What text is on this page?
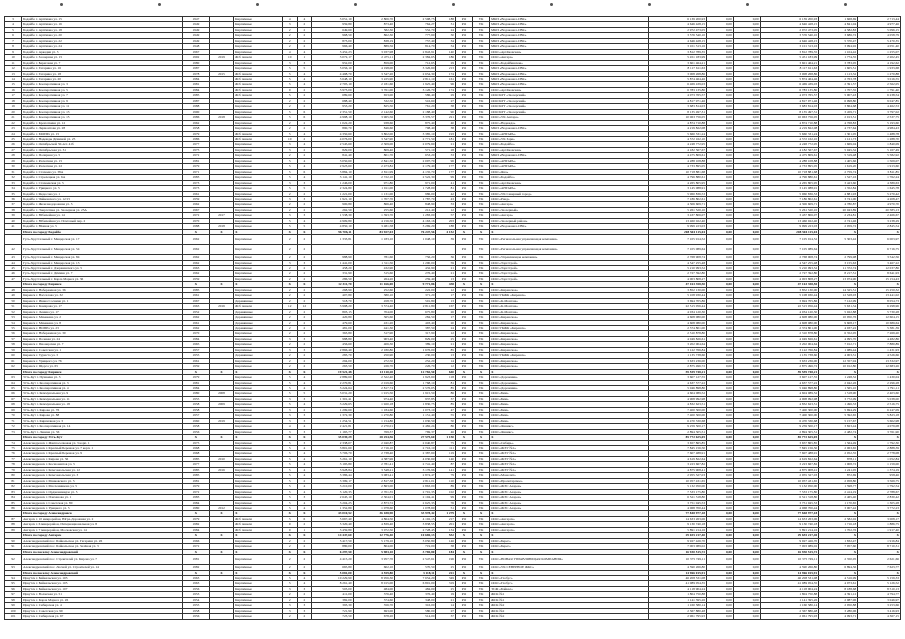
3	Бодайбо г. Артёмова ул. 15	1947		Кирпичные	4	4	3 051,10	2 806,70	2 598,75	188	РО	УК	МКП «Водоканал-СВК»	6 139 200,93	0,00	0,00	6 139 200,93	1 668,69	2 713,44
4	Бодайбо г. Артёмова ул. 16	1949		Кирпичные	3	2	959,80	873,40	764,27	31	РО	УК	МКП «Водоканал-СВК»	4 646 428,15	0,00	0,00	4 646 428,15	4 841,04	4 977,46
5	Бодайбо г. Артёмова ул. 18	1949		Кирпичные	2	2	649,60	582,30	552,70	24	РО	УК	МКП «Водоканал-СВК»	2 972 473,05	0,00	0,00	2 972 473,05	4 582,83	5 096,15
6	Бодайбо г. Артёмова ул. 20	1949		Кирпичные	2	2	968,50	862,30	777,60	30	РО	УК	МКП «Водоканал-СВК»	3 576 540,10	0,00	0,00	3 576 540,10	3 686,72	4 058,79
7	Бодайбо г. Артёмова ул. 22	1949		Кирпичные	2	2	873,00	838,19	757,40	34	РО	УК	МКП «Водоканал-СВК»	4 646 428,15	0,00	0,00	4 646 428,15	5 370,47	5 470,35
8	Бодайбо г. Артёмова ул. 24	1948		Кирпичные	2	2	966,40	889,56	814,70	34	РО	УК	МКП «Водоканал-СВК»	3 101 313,16	0,00	0,00	3 101 313,16	3 994,92	4 051,40
9	Бодайбо г. Аркадия ул. 3	1967		Кирпичные	4	4	3 452,23	3 037,98	2 843,91	140	РО	УК	ООО «Артёмовская»	3 812 789,35	0,00	0,00	3 812 789,35	1 104,42	1 255,07
10	Бодайбо г. Заозерная ул. 15	1992	2019	Ж/б панели	10	1	3 072,17	2 475,11	2 384,65	186	РО	УК	ООО «Ангара»	5 451 183,99	0,00	0,00	5 451 183,99	1 774,35	2 202,45
11	Бодайбо г. Береговая ул. 7	1980		Кирпичные	3	3	952,00	859,00	712,65	29	РО	УК	ООО «Бодайбинская»	3 601 464,21	0,00	0,00	3 601 464,21	3 783,05	4 192,62
12	Бодайбо г. Гагарина ул. 16	1987		Кирпичные	5	5	5 056,10	4 198,00	3 326,60	213	РО	УК	МКП «Водоканал-СВК»	8 117 611,63	0,00	0,00	8 117 611,63	1 605,51	1 933,68
13	Бодайбо г. Гагарина ул. 18	1978	2015	Ж/б панели	5	4	4 498,70	3 547,20	2 654,30	174	РО	УК	МКП «Водоканал-СВК»	3 008 268,86	0,00	0,00	3 008 268,86	1 113,32	1 270,88
14	Бодайбо г. Гагарина ул. 20	1984		Ж/б панели	5	4	3 648,10	3 225,90	2 811,10	161	РО	УК	МКП «Водоканал-СВК»	5 874 464,46	0,00	0,00	5 874 464,46	2 763,78	3 016,55
15	Бодайбо г. Кооперативная ул. 3	1981		Ж/б панели	5	4	2 705,10	2 181,60	1 925,40	96	РО	УК	МКП «Водоканал-СВК»	6 469 439,03	0,00	0,00	6 469 439,03	2 391,57	2 562,05
16	Бодайбо г. Кооперативная ул. 5	1984		Ж/б панели	9	2	3 973,00	3 761,00	3 126,70	174	РО	УК	ООО «Артёмовская»	6 783 135,80	0,00	0,00	6 783 135,80	1 707,35	1 791,40
17	Бодайбо г. Кооперативная ул. 7	1985		Ж/б панели	5	2	689,60	653,00	586,40	29	РО	УК	ООО КРТ «Заозерский»	4 073 765,57	0,00	0,00	4 073 765,57	5 907,43	6 238,54
18	Бодайбо г. Кооперативная ул. 9	1987		Кирпичные	2	2	688,40	532,50	516,60	27	РО	УК	ООО КРТ «Заозерский»	4 817 971,46	0,00	0,00	4 817 971,46	6 998,80	9 047,85
19	Бодайбо г. Кооперативная ул. 11	1988		Кирпичные	2	2	953,20	825,50	761,20	38	РО	УК	ООО КРТ «Заозерский»	3 683 814,03	0,00	0,00	3 683 814,03	3 864,68	4 462,53
20	Бодайбо г. Кооперативная ул. 13	1990		Кирпичные	5	6	2 351,50	2 142,60	2 188,40	90	РО	УК	ООО КРТ «Заозерский»	8 135 497,31	0,00	0,00	8 135 497,31	3 459,71	3 797,02
21	Бодайбо г. Кооперативная ул. 15	1986	2018	Кирпичные	5	6	4 998,10	3 965,56	3 376,57	221	РО	УК	ООО «УК Ангара»	10 063 756,05	0,00	0,00	10 063 756,05	2 013,51	2 537,75
22	Бодайбо г. Кропоткина ул. 12	1962		Кирпичные	2	2	1 022,20	938,60	875,40	40	РО	УК	ООО «Надежда»	4 874 710,88	0,00	0,00	4 874 710,88	4 768,83	5 193,60
23	Бодайбо г. Лермонтова ул. 28	1958		Кирпичные	2	2	890,70	846,60	798,40	38	РО	УК	МКП «Водоканал-СВК»	4 219 822,08	0,00	0,00	4 219 822,08	4 737,64	4 984,43
24	Бодайбо г. МОПРа ул. 15	1979		Ж/б панели	5	4	4 350,60	3 802,00	3 385,10	193	РО	УК	ООО «АНГАРА»	5 660 331,24	0,00	0,00	5 660 331,24	1 301,05	1 488,78
25	Бодайбо г. Надежды Дёминой ул. 25	1986		Ж/б панели	10	2	4 076,00	3 547,90	2 771,50	181	РО	УК	ООО «УК Заря»	4 572 162,10	0,00	0,00	4 572 162,10	1 121,73	1 288,70
26	Бодайбо г. Октябрьской 50-лет. 41б	1977		Кирпичные	3	4	2 545,60	2 309,00	2 079,60	21	РО	УК	ООО «Бодайбо»	4 248 772,95	0,00	0,00	4 248 772,95	1 669,04	1 840,09
27	Бодайбо г. Октябрьская ул. 31	1975		Кирпичные	3	2	829,00	809,40	571,10	28	РО	УК	ООО «Артёмовская»	4 182 567,67	0,00	0,00	4 182 567,67	5 045,32	5 167,49
28	Бодайбо г. Полярная ул. 5	1972		Кирпичные	2	2	841,40	801,70	653,20	33	РО	УК	МКП «Водоканал-СВК»	4 475 809,61	0,00	0,00	4 475 809,61	5 319,48	5 582,92
29	Бодайбо г. Раскатная ул. 15	1981		Кирпичные	5	4	3 050,60	2 841,50	2 097,70	96	РО	УК	ООО «АНГАРА»	4 288 108,88	0,00	0,00	4 288 108,88	1 405,66	1 509,07
30	Бодайбо г. Раскатная ул. 22	1979		Кирпичные	5	4	2 923,60	2 473,82	2 179,40	177	РО	УК	ООО «АНГАРА»	4 733 895,05	0,00	0,00	4 733 895,05	1 619,20	1 913,60
31	Бодайбо г. Стахеева ул. 38А	1971		Кирпичные	5	6	3 884,10	2 811,99	4 135,70	177	РО	УК	ООО «Яна»	10 718 881,68	0,00	0,00	10 718 881,68	2 759,74	3 811,85
32	Бодайбо г. Стрелецкая ул. 6А	1983		Кирпичные	5	4	3 141,10	2 722,10	2 522,30	99	РО	УК	ООО «Бодайбо»	4 796 880,61	0,00	0,00	4 796 880,61	1 527,16	1 762,24
33	Бодайбо г. Стахеевская ул. 5	1973		Кирпичные	3	3	1 246,00	971,80	971,00	41	РО	УК	ООО «Артёмовская»	4 265 805,95	0,00	0,00	4 265 805,95	3 423,60	4 389,63
34	Бодайбо г. Урицкого ул. 5	1973		Кирпичные	5	5	2 324,80	1 911,00	1 728,00	81	РО	УК	ООО «АНГАРА»	3 145 088,91	0,00	0,00	3 145 088,91	1 352,84	1 645,78
35	Бодайбо г. Федосова ул. 1	1961		Кирпичные	2	2	1 221,00	1 131,00	986,00	42	РО	УК	ООО «УК Северный город»	5 960 836,53	0,00	0,00	5 960 836,53	4 881,93	5 270,42
36	Бодайбо г. Чайковского ул. 12/15	1959		Кирпичные	3	3	1 921,10	1 707,70	1 787,70	43	РО	УК	ООО «Ранд»	7 186 802,61	0,00	0,00	7 186 802,61	3 741,00	4 208,47
37	Бодайбо г. Железнодорожная ул. 3	1962		Кирпичные	2	2	900,80	866,40	848,90	33	РО	УК	ООО «Ангара»	4 306 609,71	0,00	0,00	4 306 609,71	4 780,87	4 970,70
38	Бодайбо г. Энергетика ул. Заозерная ул. 25А	1967		Кирпичные	2	2	262,50	255,60	212,40	12	РО	УК	ООО «Заозерный»	5 261 520,10	0,00	0,00	5 261 520,10	20 043,89	20 585,13
39	Бодайбо г. Юбилейная ул. 14	1972	2017	Кирпичные	3	3	1 538,30	1 393,70	1 283,00	57	РО	УК	ООО «Ангара»	3 437 806,07	0,00	0,00	3 437 806,07	2 234,81	2 466,67
40	Бодайбо г. Юбилейная ул. Почтовый пер. 2	1970		Кирпичные	5	4	4 909,80	4 156,50	4 163,16	203	РО	УК	ООО «Заозерный район»	13 460 022,40	0,00	0,00	13 460 022,40	2 741,46	3 238,29
41	Бодайбо г. Южная ул. 5	1988	2018	Кирпичные	5	5	4 850,10	3 481,58	3 269,29	188	РО	УК	МКП «Водоканал-СВК»	9 999 223,03	0,00	0,00	9 999 223,03	2 059,72	2 845,54
	Итого по городу Бодайбо	X	X	X	X	X	96 706,11	83 927,03	76 247,56	4 152	X	X	X	208 504 115,04	0,00	0,00	208 504 115,04	X	X
	Гусь-Хрустальный г. Мещерская ул. 17	1962		Кирпичные	2	2	1 333,81	1 183,10	1 048,10	39	РО	УК	ООО «Региональная управляющая компания»	7 105 914,52	0,00	0,00	7 105 914,52	5 303,42	6 003,97
42	Гусь-Хрустальный г. Мещерская ул. 54	1962		Кирпичные	2	2					РО	УК	ООО «Региональная управляющая компания»	7 105 089,64	0,00	0,00	7 105 089,64		6 716,75
43	Гусь-Хрустальный г. Мещерская ул. 84	1962		Кирпичные	2	2	988,90	781,60	756,20	36	РО	УК	ООО «Управляющая компания»	2 768 908,74	0,00	0,00	2 768 908,74	2 799,98	3 542,56
44	Гусь-Хрустальный г. Мещерская ул. 13	1962		Кирпичные	3	3	1 441,00	1 311,50	1 290,00	59	РО	УК	ООО «Торгстрой»	4 547 255,48	0,00	0,00	4 547 255,48	3 155,63	3 467,22
45	Гусь-Хрустальный г. Дзержинского ул. 5	1963		Кирпичные	2	2	458,20	432,90	432,90	21	РО	УК	ООО «Торгстрой»	5 210 993,52	0,00	0,00	5 210 993,52	11 372,74	12 037,86
46	Гусь-Хрустальный г. Дёмина ул. 7	1962		Кирпичные	2	2	331,90	315,60	276,40	21	РО	УК	ООО «Торгстрой»	2 727 392,80	0,00	0,00	2 727 392,80	8 217,51	8 641,93
47	Гусь-Хрустальный г. Карла Маркса ул. 36	1959		Кирпичные	2	2	286,50	264,20	259,40	13	РО	УК	ООО «Торгстрой»	4 003 808,27	0,00	0,00	4 003 808,27	13 974,90	15 154,43
	Итого по городу Киренск	X	X	X	X	X	12 311,70	11 166,00	9 771,86	438	X	X	X	47 163 358,50	0,00	0,00	47 163 358,50	X	X
48	Киренск г. Набережная ул. 36	1985		Кирпичные	2	2	268,90	252,60	222,00	12	РО	УК	ООО «Киренское»	3 852 130,00	0,00	0,00	3 852 130,00	14 325,51	15 250,32
49	Киренск г. Вассалова ул. 32	1961		Кирпичные	2	2	407,80	380,10	371,20	17	РО	УК	ООО УКЖК «Киренск»	5 108 930,44	0,00	0,00	5 108 930,44	12 528,03	13 441,02
50	Киренск г. Ивана Соснина ул. 1	1967		Деревянные	2	2	518,70	458,70	501,80	13	РО	УК	ООО «К-Монтаж»	3 694 705,86	0,00	0,00	3 694 705,86	7 122,99	8 054,73
51	Киренск г. Комарова ул. 17	1963	2016	Ж/б панели	12	12	3 998,20	3 574,40	2 811,80	167	РО	УК	ООО «К-Монтаж»	22 515 056,44	0,00	0,00	22 515 056,44	5 631,34	6 298,96
52	Киренск г. Ленина ул. 17	1952		Деревянные	2	2	803,15	704,00	675,80	26	РО	УК	ООО «К-Монтаж»	4 034 120,30	0,00	0,00	4 034 120,30	5 022,88	5 730,28
53	Киренск г. Мамакана ул. 2	1962		Деревянные	2	2	420,80	365,60	284,50	17	РО	УК	ООО «Киренское»	4 608 080,00	0,00	0,00	4 608 080,00	10 950,76	12 604,15
54	Киренск г. Мамакана ул. 8	1961		Деревянные	2	2	479,60	431,20	403,40	20	РО	УК	ООО «Киренское»	4 608 080,00	0,00	0,00	4 608 080,00	9 608,17	10 686,64
55	Киренск г. НОПРа ул. 23	1962		Деревянные	2	2	481,00	441,30	387,50	24	РО	УК	ООО УКЖК «Киренск»	2 374 801,00	0,00	0,00	2 374 801,00	4 937,22	5 381,39
56	Киренск г. Набережная ул. 30	1970		Кирпичные	2	2	363,80	317,90	317,90	12	РО	УК	ООО «Киренское»	2 310 878,80	0,00	0,00	2 310 878,80	6 352,05	7 269,20
57	Киренск г. Полевая ул. 24	1984		Кирпичные	3	3	988,80	903,40	829,00	25	РО	УК	ООО «Киренское»	4 049 826,61	0,00	0,00	4 049 826,61	4 095,70	4 482,86
58	Киренск г. Пионерская ул. 7	1965		Кирпичные	2	2	456,60	406,30	389,10	21	РО	УК	ООО «Киренское»	3 202 004,64	0,00	0,00	3 202 004,64	7 012,71	7 880,89
59	Киренск г. Советская ул. 1	1957		Кирпичные	3	3	2 866,40	2 180,80	1 676,00	85	РО	УК	ООО «Киренское»	3 122 766,84	0,00	0,00	3 122 766,84	1 089,44	1 431,93
60	Киренск г. Туриста ул. 3	1955		Деревянные	2	2	283,70	250,90	230,00	13	РО	УК	ООО УКЖК «Киренск»	1 135 738,60	0,00	0,00	1 135 738,60	4 003,31	4 526,66
61	Киренск г. Урицкого ул. 76	1961		Кирпичные	2	2	294,00	272,50	252,20	14	РО	УК	ООО «Киренское»	3 633 236,00	0,00	0,00	3 633 236,00	12 357,94	13 332,97
62	Киренск г. Щорса ул. 65	1959		Кирпичные	2	2	263,50	226,70	226,70	12	РО	УК	ООО «Киренское»	2 875 496,72	0,00	0,00	2 875 496,72	10 912,80	12 683,26
	Итого по городу Киренск	X	X	X	X	X	19 521,48	13 110,20	12 782,50	640	X	X	X	59 559 748,21	0,00	0,00	59 559 748,21	X	X
63	Усть-Кут г. Пушкина ул. 3	1979		Кирпичные	5	4	2 889,60	2 522,40	1 923,60	118	РО	УК	ООО «Дорожник»	3 607 127,55	0,00	0,00	3 607 127,55	1 248,32	1 430,04
64	Усть-Кут г. Кооперативная ул. 3	1981		Кирпичные	5	4	2 270,81	2 019,60	1 768,10	81	РО	УК	ООО «Дорожник»	4 637 577,22	0,00	0,00	4 637 577,22	2 042,26	2 296,28
65	Усть-Кут г. Кооперативная ул. 4	1984		Кирпичные	5	4	3 224,64	2 817,74	2 576,05	85	РО	УК	ООО «Дорожник»	5 046 898,80	0,00	0,00	5 046 898,80	1 565,10	1 791,11
66	Усть-Кут г. Коммунальная ул. 9	1980	2008	Кирпичные	5	5	3 031,20	1 915,50	1 915,50	86	РО	УК	ООО «Бим»	4 604 089,52	0,00	0,00	4 604 089,52	1 518,90	2 403,60
67	Усть-Кут г. Коммунальная ул. 11	1955		Кирпичные	3	3	1 301,41	974,40	937,85	37	РО	УК	ООО «Бим»	4 908 992,98	0,00	0,00	4 908 992,98	3 772,09	5 038,00
68	Усть-Кут г. Коммунальная ул. 18	1958	2009	Кирпичные	5	4	3 229,65	1 920,18	1 830,73	85	РО	УК	ООО «Бим»	4 832 623,51	0,00	0,00	4 832 623,51	1 496,33	2 516,75
69	Усть-Кут г. Кирова ул. 76	1958		Кирпичные	3	2	1 299,60	1 184,60	1 073,10	47	РО	УК	ООО «Бим»	7 400 300,00	0,00	0,00	7 400 300,00	5 694,29	6 247,09
70	Усть-Кут г. Кирова ул. 88	1957		Кирпичные	3	3	1 372,30	1 270,80	1 151,40	55	РО	УК	ООО «Бим»	7 400 300,00	0,00	0,00	7 400 300,00	5 392,65	5 823,18
71	Усть-Кут г. Кирпичная ул. 3	1960	2019	Кирпичные	3	3	1 254,51	1 154,80	1 030,50	50	РО	УК	ООО «Бим»	6 470 330,68	0,00	0,00	6 470 330,68	5 157,67	5 602,98
72	Усть-Кут г. Кооперативная ул. 14	1958		Кирпичные	4	4	2 421,81	2 270,01	2 482,24	86	РО	УК	ООО «Феникс»	9 259 500,17	0,00	0,00	9 259 500,17	3 823,44	4 079,08
73	Усть-Кут г. Ленина ул. 56	1956		Кирпичные	3	3	1 165,77	769,37	769,37	46	РО	УК	ООО «Феникс»	2 894 305,51	0,00	0,00	2 894 305,51	2 482,74	3 761,90
	Итого по городу Усть-Кут	X	X	X	X	X	35 039,29	28 254,56	27 575,60	1 150	X	X	X	85 772 625,05	0,00	0,00	85 772 625,05	X	X
74	Александровск г. Жилпоселковая ул. 3 корп. 1	1975		Кирпичные	5	3	2 338,07	2 040,87	2 040,87	75	РО	УК	ООО «Сибирь»	3 657 865,85	0,00	0,00	3 657 865,85	1 564,49	1 792,30
75	Александровск г. Красный Бережок ул. 7 корп. 1	1968		Кирпичные	5	4	3 801,60	2 716,10	2 716,10	111	РО	УК	ООО «ЖЭУ №1»	7 845 156,50	0,00	0,00	7 845 156,50	2 063,65	2 888,39
76	Александровск г. Красный Бережок ул. 9	1968		Кирпичные	5	4	3 706,70	2 738,40	2 387,60	119	РО	УК	ООО «ЖЭУ №1»	7 607 488,91	0,00	0,00	7 607 488,91	2 052,35	2 778,08
77	Александровск г. Кирова ул. 56	1985	2010	Кирпичные	5	4	5 261,10	4 387,96	4 030,60	140	РО	УК	ООО «ЖЭУ №1»	4 619 822,64	0,00	0,00	4 619 822,64	878,11	1 052,84
78	Александровск г. Космонавтов ул. 5	1977		Кирпичные	5	4	3 195,80	2 781,41	2 741,40	87	РО	УК	ООО «ЖЭУ №1»	3 223 667,82	0,00	0,00	3 223 667,82	1 008,72	1 159,00
79	Александровск г. Комсомольская ул. 12	1985	2016	Кирпичные	5	4	3 928,84	3 548,21	3 176,96	141	РО	УК	ООО «ЖЭУ №1»	4 875 908,41	0,00	0,00	4 875 908,41	1 241,05	1 374,19
80	Александровск г. Комсомольская ул. 3	1985		Кирпичные	5	4	3 386,44	3 083,41	2 874,47	79	РО	УК	ООО «Монолит»	2 955 327,03	0,00	0,00	2 955 327,03	872,69	958,46
81	Александровск г. Маяковского ул. 5	1981		Кирпичные	5	2	3 399,17	2 817,38	2 811,01	110	РО	УК	ООО «Пролетарское»	10 057 431,65	0,00	0,00	10 057 431,65	2 958,80	3 569,75
82	Александровск г. Масленникова ул. 5	1979		Кирпичные	5	4	3 210,00	2 863,00	2 863,00	89	РО	УК	ООО «ЖЭС Азаров»	5 132 050,00	0,00	0,00	5 132 050,00	1 598,77	1 792,54
83	Александровск г. Орджоникидзе ул. 5	1972		Кирпичные	5	4	3 120,35	2 701,35	2 701,35	102	РО	УК	ООО «ЖЭС Азаров»	7 533 175,80	0,00	0,00	7 533 175,80	2 414,19	2 788,67
84	Александровск г. Плеханова ул. 1	1983		Кирпичные	5	3	2 645,10	2 304,01	2 104,41	99	РО	УК	ООО «ЖЭС Азаров»	6 521 318,80	0,00	0,00	6 521 318,80	2 465,40	2 830,42
85	Александровск г. Советская ул. 80	1984		Кирпичные	5	4	3 204,25	2 873,72	2 625,33	76	РО	УК	ООО «ЖЭС Азаров»	3 751 045,53	0,00	0,00	3 751 045,53	1 170,65	1 305,28
86	Александровск г. Урицкого ул. 5	1980	2012	Кирпичные	5	4	1 352,89	1 078,60	1 078,60	51	РО	УК	ООО «ЖЭС Азаров»	4 068 700,44	0,00	0,00	4 068 700,44	3 007,42	3 772,23
	Итого по городу Александровск	X	X	X	X	X	43 010,52	36 188,90	33 978,42	1 279	X	X	X	77 848 977,18	0,00	0,00	77 848 977,18	X	X
87	Ангарск г. 10 микрорайон, Югра-Дорожная ул. 2	1979		Ж/б панели	5	6	5 667,40	4 864,50	4 102,15	217	РО	УК	ООО «Ангарск»	14 633 263,06	0,00	0,00	14 633 263,06	2 582,02	3 008,17
88	Ангарск г. 6 микрорайон, Интернациональная ул. 8	1982		Ж/б панели	9	2	5 320,40	4 839,40	3 838,55	201	РО	УК	ООО «Ангарск»	9 130 740,18	0,00	0,00	9 130 740,18	1 716,18	1 886,75
89	Ангарск г. 7 микрорайон, Московская ул. 14	1984		Ж/б панели	9	1	3 459,80	3 072,50	2 728,43	134	РО	УК	ООО «Ангарск»	5 891 214,16	0,00	0,00	5 891 214,16	1 702,76	1 917,40
	Итого по городу Ангарск	X	X	X	X	X	14 447,60	12 776,40	10 669,13	552	X	X	X	29 655 217,40	0,00	0,00	29 655 217,40	X	X
90	Александровский пос. Байкальское ул. Гагарина ул. 26	1966		Кирпичные	2	2	5 417,50	5 179,10	3 050,80	146	РО	УК	ООО «Берег»	9 927 426,70	0,00	0,00	9 927 426,70	1 832,47	1 916,84
91	Александровский пос. Байкальское ул. Зелёная ул. 3	1972		Кирпичные	2	2	880,00	804,00	719,00	38	РО	УК	ООО «Берег»	7 003 089,02	0,00	0,00	7 003 089,02	7 957,60	8 710,31
	Итого по поселку Александровский	X	X	X	X	X	6 297,50	5 983,10	3 769,80	184	X	X	X	16 930 515,72	0,00	0,00	16 930 515,72	X	X
92	Александровский пос. Строителей ул. Кирова ул. 7	1981		Кирпичные	2	2	4 415,20	3 957,70	2 547,61	196	РО	УК	ООО «НОВАЯ УПРАВЛЯЮЩАЯ КОМПАНИЯ»	10 375 749,11	0,00	0,00	10 375 749,11	2 350,05	2 621,66
93	Александровский пос. Лесной ул. Строителей ул. 14	1982		Кирпичные	2	2	665,80	602,10	570,50	25	РО	УК	ООО «УК СЕВЕРНОЕ ЖКС»	4 590 266,80	0,00	0,00	4 590 266,80	6 894,36	7 623,77
	Итого по поселку Александровский	X	X	X	X	X	5 081,00	4 559,80	3 118,11	221	X	X	X	14 966 015,91	0,00	0,00	14 966 015,91	X	X
94	Иркутск г. Байкальская ул. 103	1963		Кирпичные	5	4	10 229,90	8 956,30	7 654,20	349	РО	УК	ООО «Глобус»	46 208 531,08	0,00	0,00	46 208 531,08	4 516,99	5 159,33
95	Иркутск г. Байкальская ул. 105	1963		Кирпичные	5	4	8 261,40	8 015,00	6 801,00	319	РО	УК	ООО «Глобус»	41 089 054,35	0,00	0,00	41 089 054,35	4 973,61	5 126,52
96	Иркутск г. Байкальская ул. 107	1956		Кирпичные	3	3	503,00	484,00	484,00	25	РО	УК	ТСЖ «Байкал»	4 118 904,24	0,00	0,00	4 118 904,24	8 188,68	8 510,13
97	Иркутск г. Волжская ул. 51	1953		Кирпичные	2	2	411,00	376,40	376,40	19	РО	УК	ЖСК №1	1 804 750,88	0,00	0,00	1 804 750,88	4 391,12	4 794,77
98	Иркутск г. Карла Маркса ул. 26	1954		Кирпичные	2	2	382,00	374,60	348,00	21	РО	УК	ЖСК №1	1 141 395,26	0,00	0,00	1 141 395,26	2 987,96	3 046,97
99	Иркутск г. Сибирская ул. 4	1955		Кирпичные	3	3	393,30	356,70	316,00	14	РО	УК	ЖСК №2	1 160 580,14	0,00	0,00	1 160 580,14	2 950,88	3 253,66
100	Иркутск г. Советская ул. 99	1958		Кирпичные	3	3	721,90	693,00	580,00	27	РО	УК	ЖСК №2	2 367 880,48	0,00	0,00	2 367 880,48	3 280,06	3 416,93
101	Иркутск г. Сибирская ул. 67	1956		Кирпичные	2	2	723,50	678,20	514,00	37	РО	УК	ЖСК №2	2 961 795,93	0,00	0,00	2 961 795,93	4 093,71	4 367,15
